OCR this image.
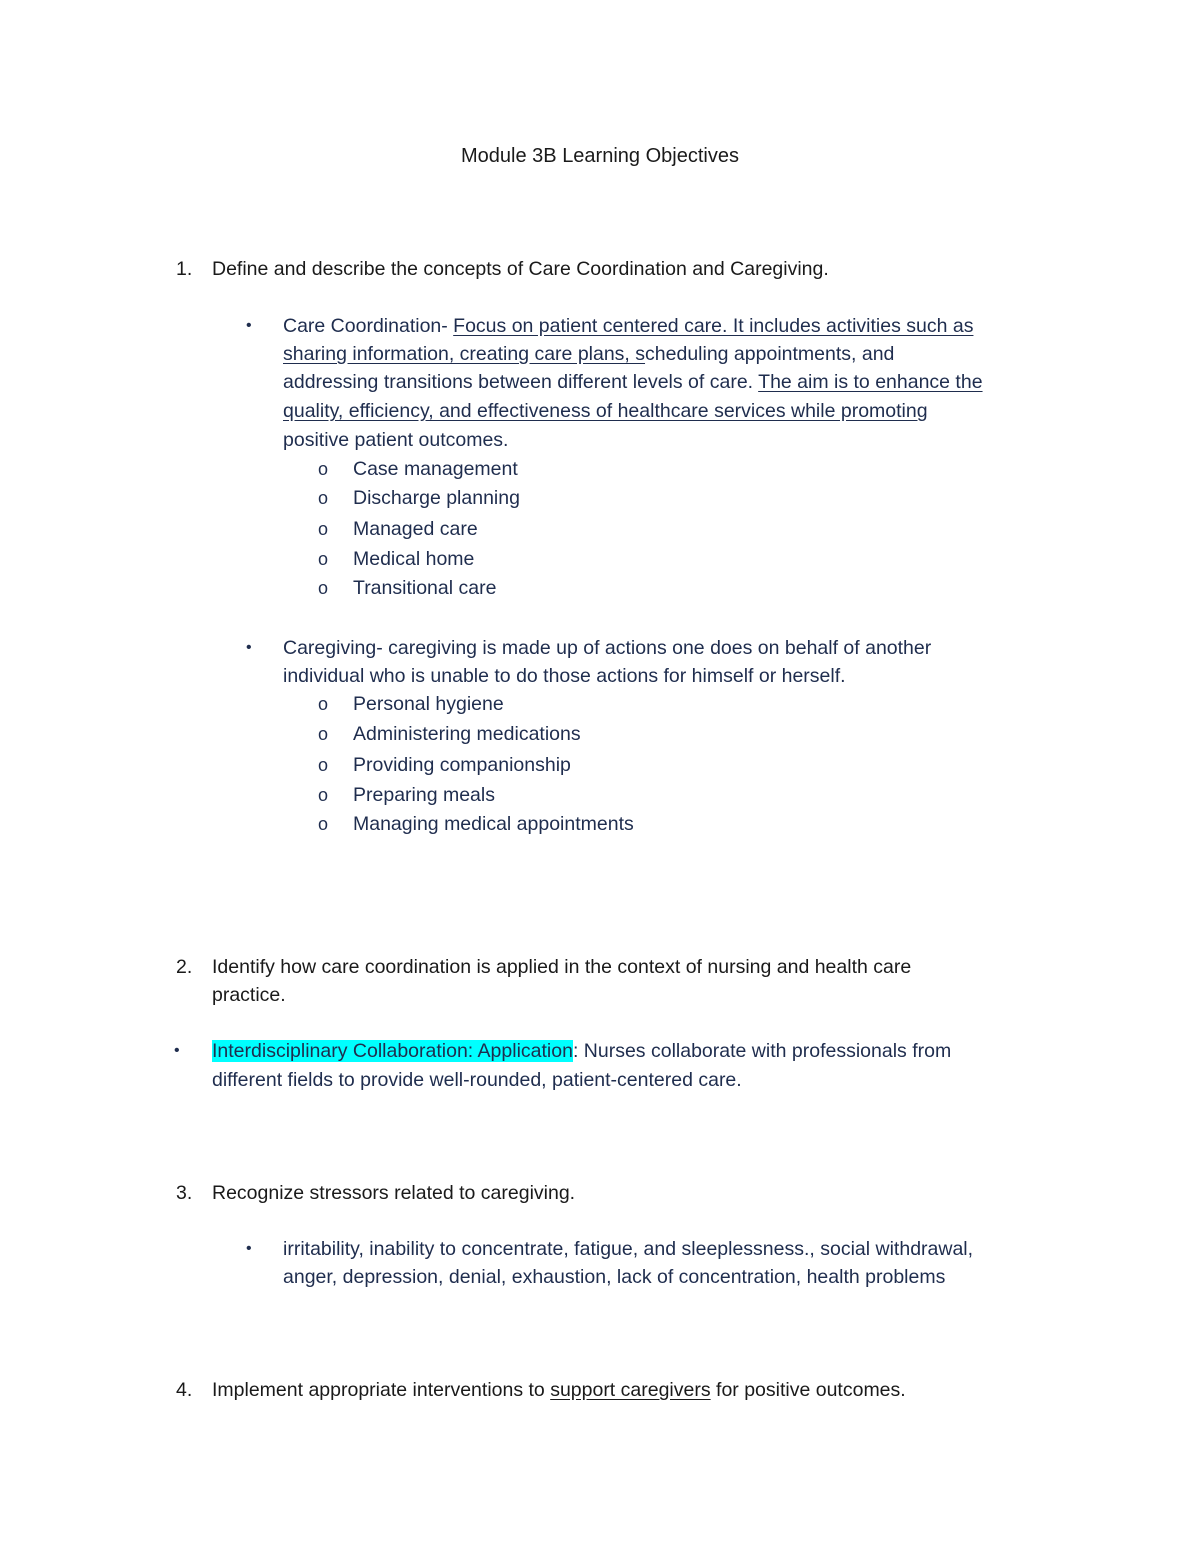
Module 3B Learning Objectives
1. Define and describe the concepts of Care Coordination and Caregiving.
• Care Coordination- Focus on patient centered care. It includes activities such as
sharing information, creating care plans, scheduling appointments, and
addressing transitions between different levels of care. The aim is to enhance the
quality, efficiency, and effectiveness of healthcare services while promoting
positive patient outcomes.
o Case management
o Discharge planning
o Managed care
o Medical home
o Transitional care
• Caregiving- caregiving is made up of actions one does on behalf of another
individual who is unable to do those actions for himself or herself.
o Personal hygiene
o Administering medications
o Providing companionship
o Preparing meals
o Managing medical appointments
2. Identify how care coordination is applied in the context of nursing and health care
practice.
• Interdisciplinary Collaboration: Application: Nurses collaborate with professionals from
different fields to provide well-rounded, patient-centered care.
3. Recognize stressors related to caregiving.
• irritability, inability to concentrate, fatigue, and sleeplessness., social withdrawal,
anger, depression, denial, exhaustion, lack of concentration, health problems
4. Implement appropriate interventions to support caregivers for positive outcomes.
